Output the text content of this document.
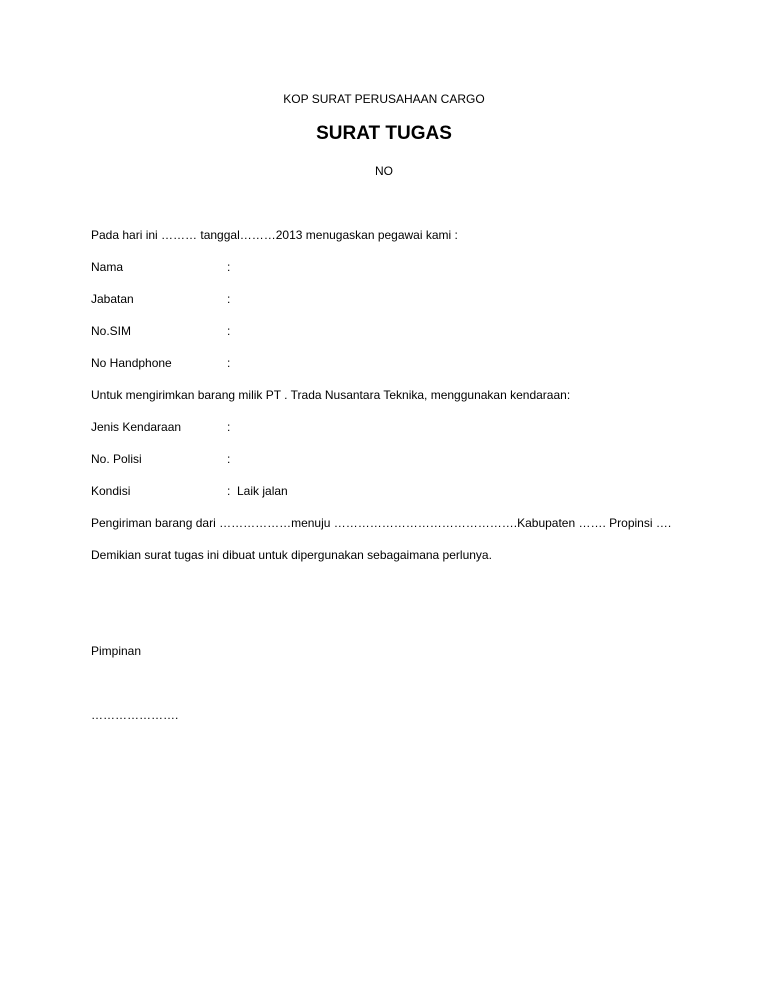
KOP SURAT PERUSAHAAN CARGO
SURAT TUGAS
NO
Pada hari ini ……… tanggal………2013 menugaskan pegawai kami :
Nama	:
Jabatan	:
No.SIM	:
No Handphone	:
Untuk mengirimkan barang milik PT . Trada Nusantara Teknika, menggunakan kendaraan:
Jenis Kendaraan	:
No. Polisi	:
Kondisi	: Laik jalan
Pengiriman barang dari ………………menuju ……………………………………….Kabupaten ……. Propinsi ….
Demikian surat tugas ini dibuat untuk dipergunakan sebagaimana perlunya.
Pimpinan
………………….
